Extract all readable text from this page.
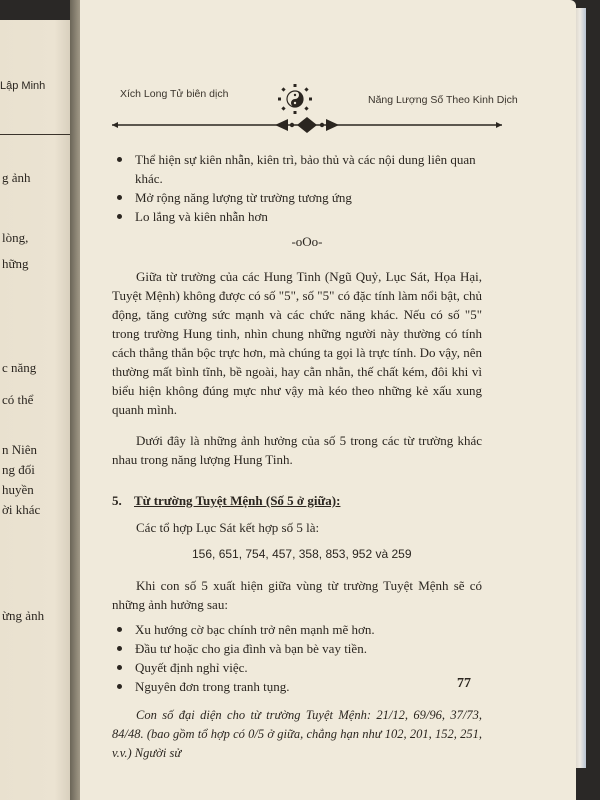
Lập Minh
g ảnh
lòng,
hững
c năng
có thể
n Niên
ng đối
huyền
ời khác
ừng ảnh
Xích Long Tử biên dịch	Năng Lượng Số Theo Kinh Dịch
Thể hiện sự kiên nhẫn, kiên trì, bảo thủ và các nội dung liên quan khác.
Mở rộng năng lượng từ trường tương ứng
Lo lắng và kiên nhẫn hơn
-oOo-

Giữa từ trường của các Hung Tinh (Ngũ Quỷ, Lục Sát, Họa Hại, Tuyệt Mệnh) không được có số "5", số "5" có đặc tính làm nổi bật, chủ động, tăng cường sức mạnh và các chức năng khác. Nếu có số "5" trong trường Hung tinh, nhìn chung những người này thường có tính cách thẳng thắn bộc trực hơn, mà chúng ta gọi là trực tính. Do vậy, nên thường mất bình tĩnh, bề ngoài, hay cằn nhằn, thế chất kém, đôi khi vì biểu hiện không đúng mực như vậy mà kéo theo những kẻ xấu xung quanh mình.

Dưới đây là những ảnh hưởng của số 5 trong các từ trường khác nhau trong năng lượng Hung Tinh.

5. Từ trường Tuyệt Mệnh (Số 5 ở giữa):
Các tổ hợp Lục Sát kết hợp số 5 là:
156, 651, 754, 457, 358, 853, 952 và 259

Khi con số 5 xuất hiện giữa vùng từ trường Tuyệt Mệnh sẽ có những ảnh hưởng sau:

Xu hướng cờ bạc chính trở nên mạnh mẽ hơn.
Đầu tư hoặc cho gia đình và bạn bè vay tiền.
Quyết định nghỉ việc.
Nguyên đơn trong tranh tụng.

Con số đại diện cho từ trường Tuyệt Mệnh: 21/12, 69/96, 37/73, 84/48. (bao gồm tổ hợp có 0/5 ở giữa, chẳng hạn như 102, 201, 152, 251, v.v.) Người sử

77
